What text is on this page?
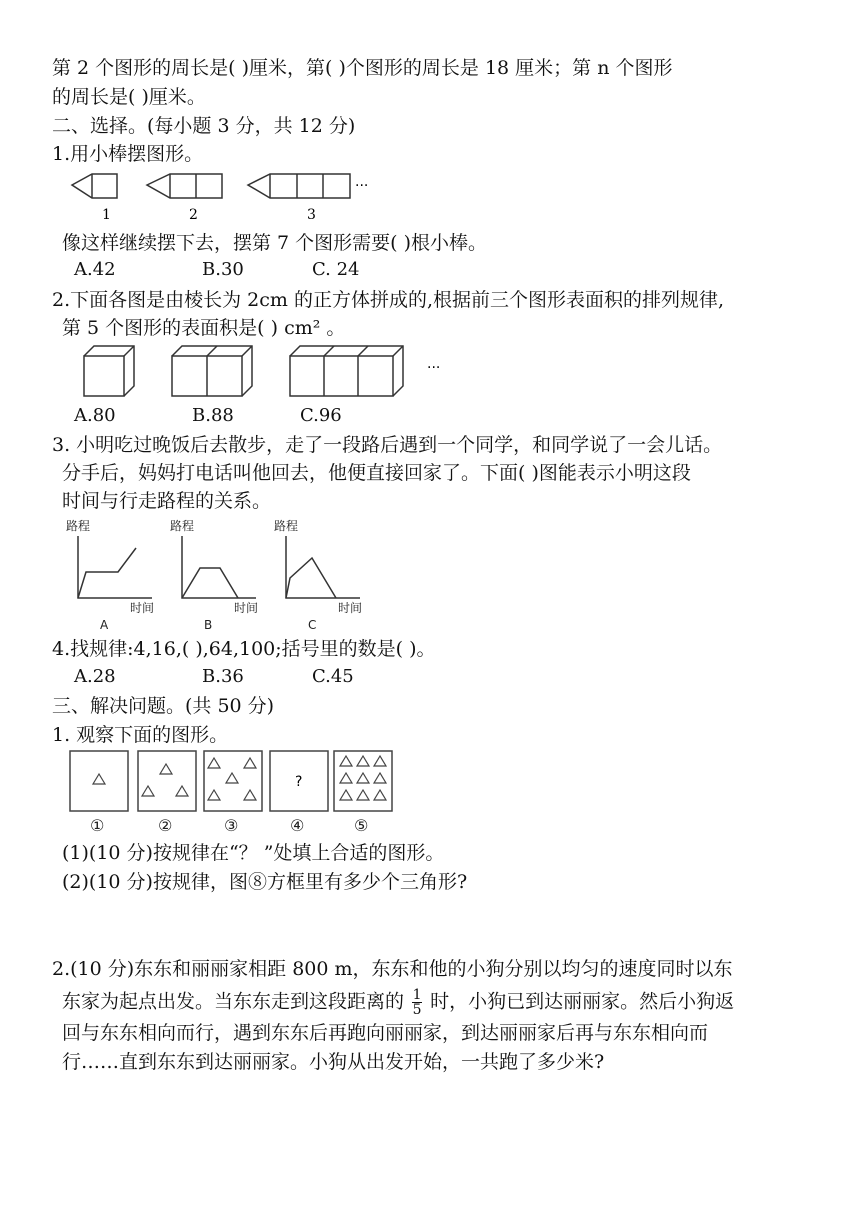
第 2 个图形的周长是( )厘米，第( )个图形的周长是 18 厘米；第 n 个图形
的周长是( )厘米。
二、选择。(每小题 3 分，共 12 分)
1.用小棒摆图形。
···
1	2	3
像这样继续摆下去，摆第 7 个图形需要( )根小棒。
A.42	B.30	C. 24
2.下面各图是由棱长为 2cm 的正方体拼成的,根据前三个图形表面积的排列规律,
第 5 个图形的表面积是( ) cm² 。
···
A.80	B.88	C.96
3. 小明吃过晚饭后去散步，走了一段路后遇到一个同学，和同学说了一会儿话。
分手后，妈妈打电话叫他回去，他便直接回家了。下面( )图能表示小明这段
时间与行走路程的关系。
路程	路程	路程
时间	时间	时间
A	B	C
4.找规律:4,16,( ),64,100;括号里的数是( )。
A.28	B.36	C.45
三、解决问题。(共 50 分)
1. 观察下面的图形。
?
①	②	③	④	⑤
(1)(10 分)按规律在“？ ”处填上合适的图形。
(2)(10 分)按规律，图⑧方框里有多少个三角形?
2.(10 分)东东和丽丽家相距 800 m，东东和他的小狗分别以均匀的速度同时以东
东家为起点出发。当东东走到这段距离的 $\frac{1}{5}$ 时，小狗已到达丽丽家。然后小狗返
回与东东相向而行，遇到东东后再跑向丽丽家，到达丽丽家后再与东东相向而
行……直到东东到达丽丽家。小狗从出发开始，一共跑了多少米?
